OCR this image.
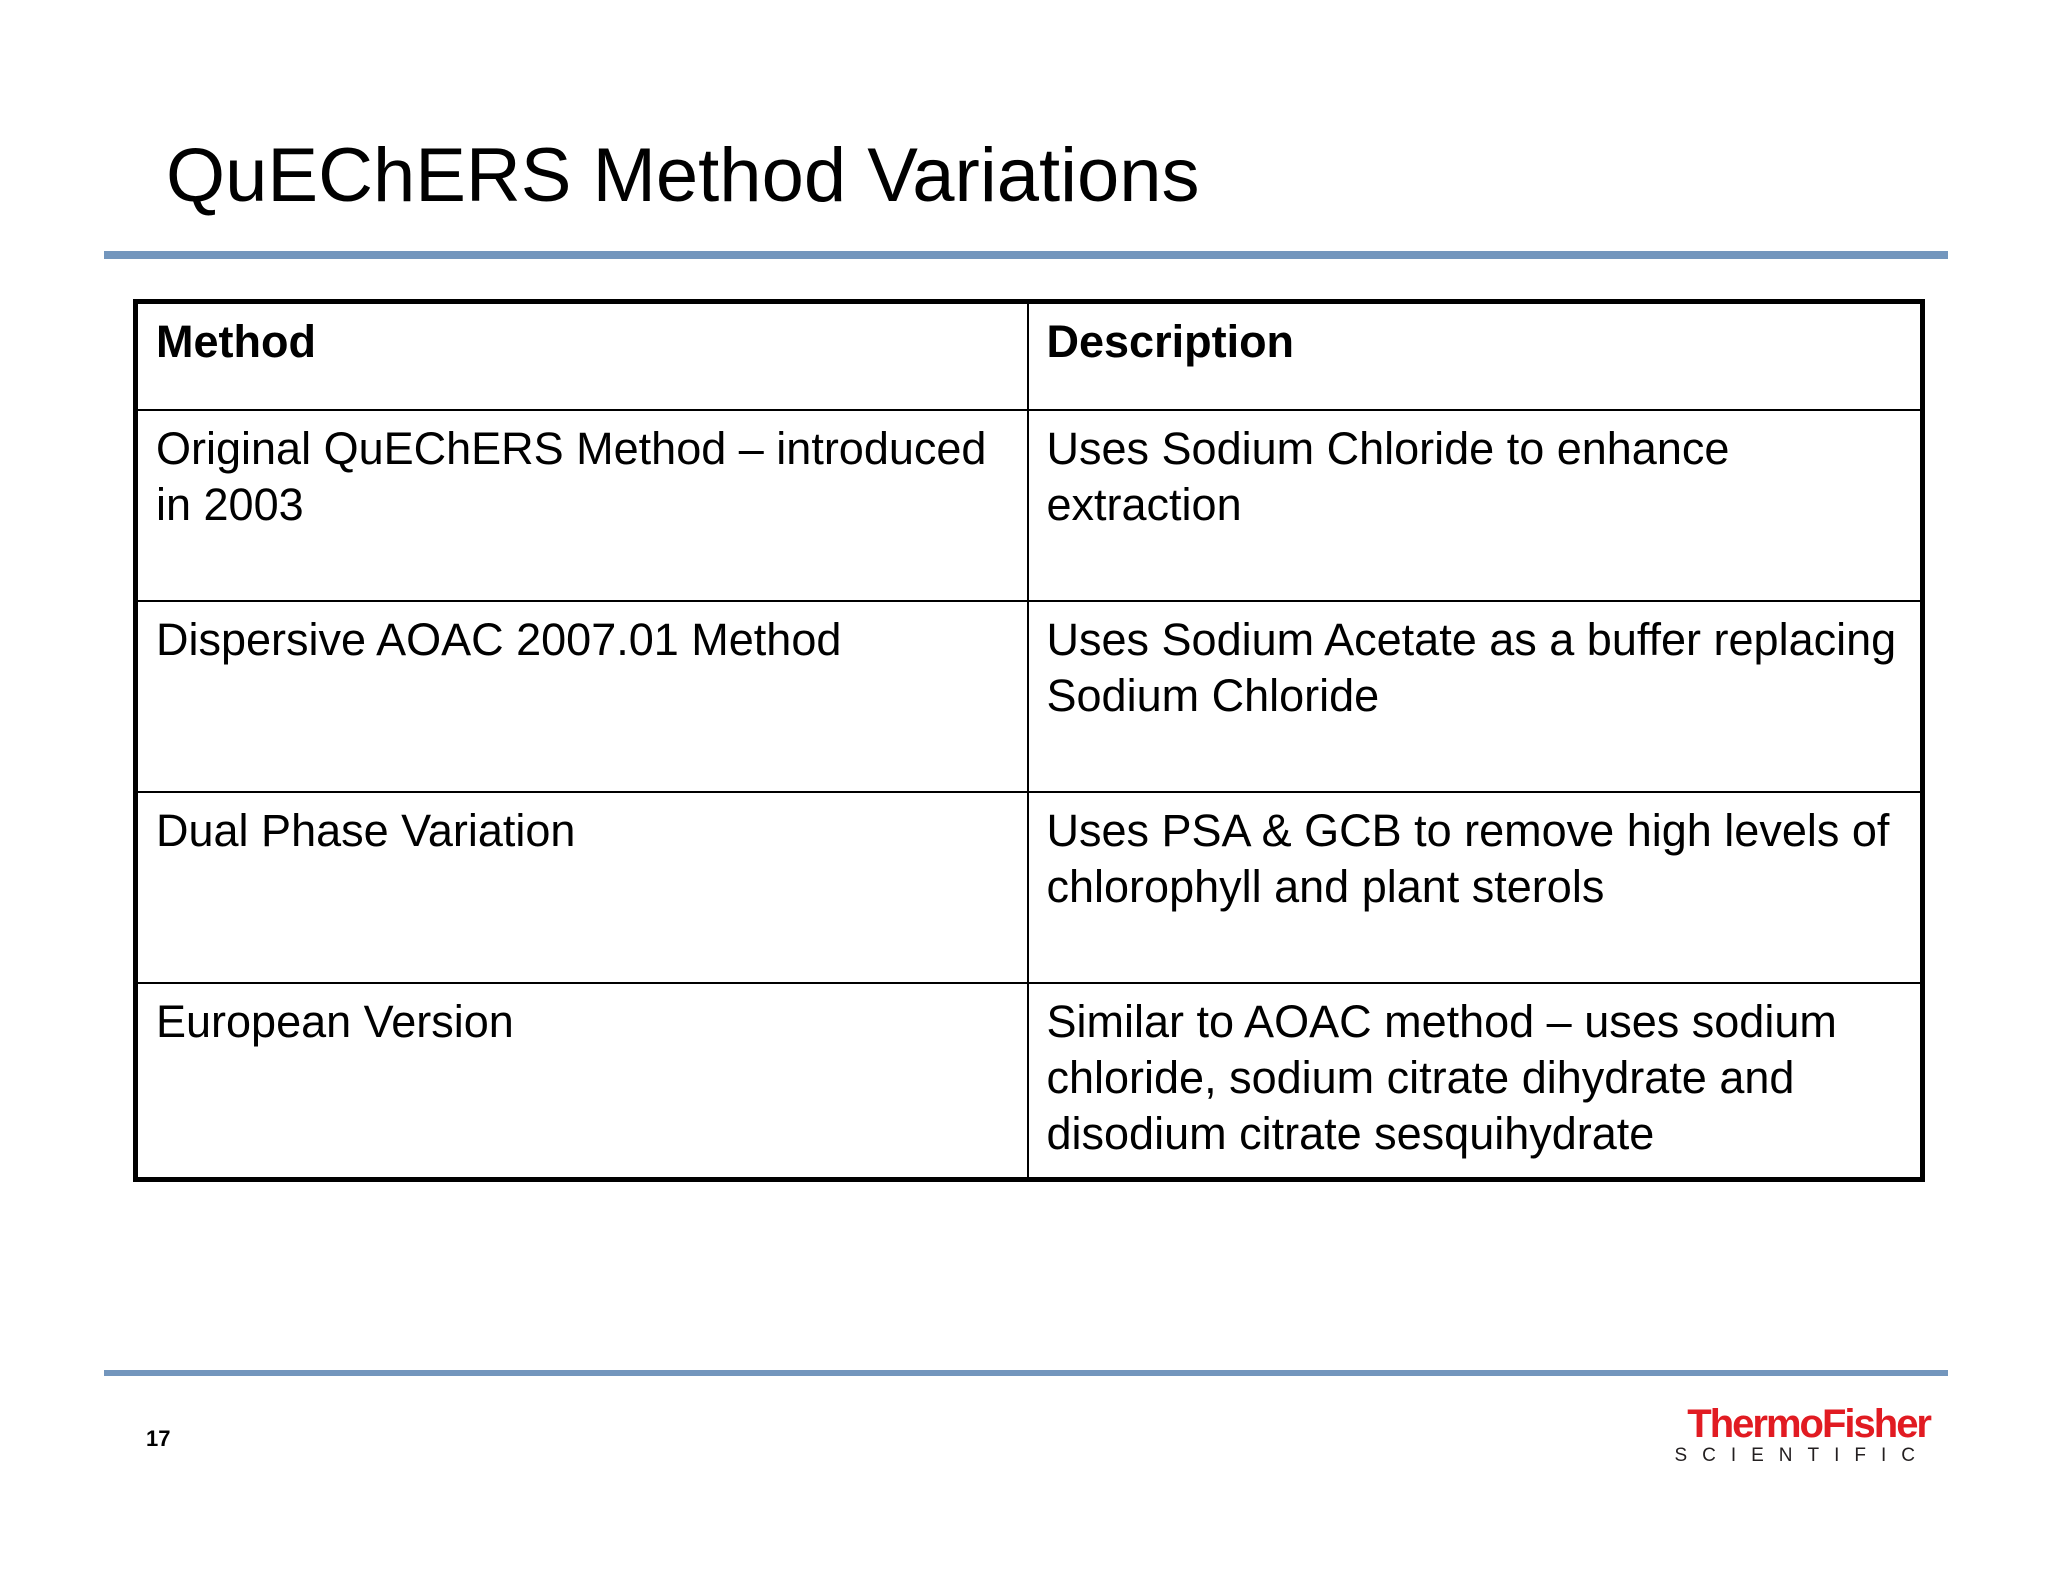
QuEChERS Method Variations
Method	Description
Original QuEChERS Method – introduced in 2003	Uses Sodium Chloride to enhance extraction
Dispersive AOAC 2007.01 Method	Uses Sodium Acetate as a buffer replacing Sodium Chloride
Dual Phase Variation	Uses PSA & GCB to remove high levels of chlorophyll and plant sterols
European Version	Similar to AOAC method – uses sodium chloride, sodium citrate dihydrate and disodium citrate sesquihydrate
17	ThermoFisher
SCIENTIFIC
